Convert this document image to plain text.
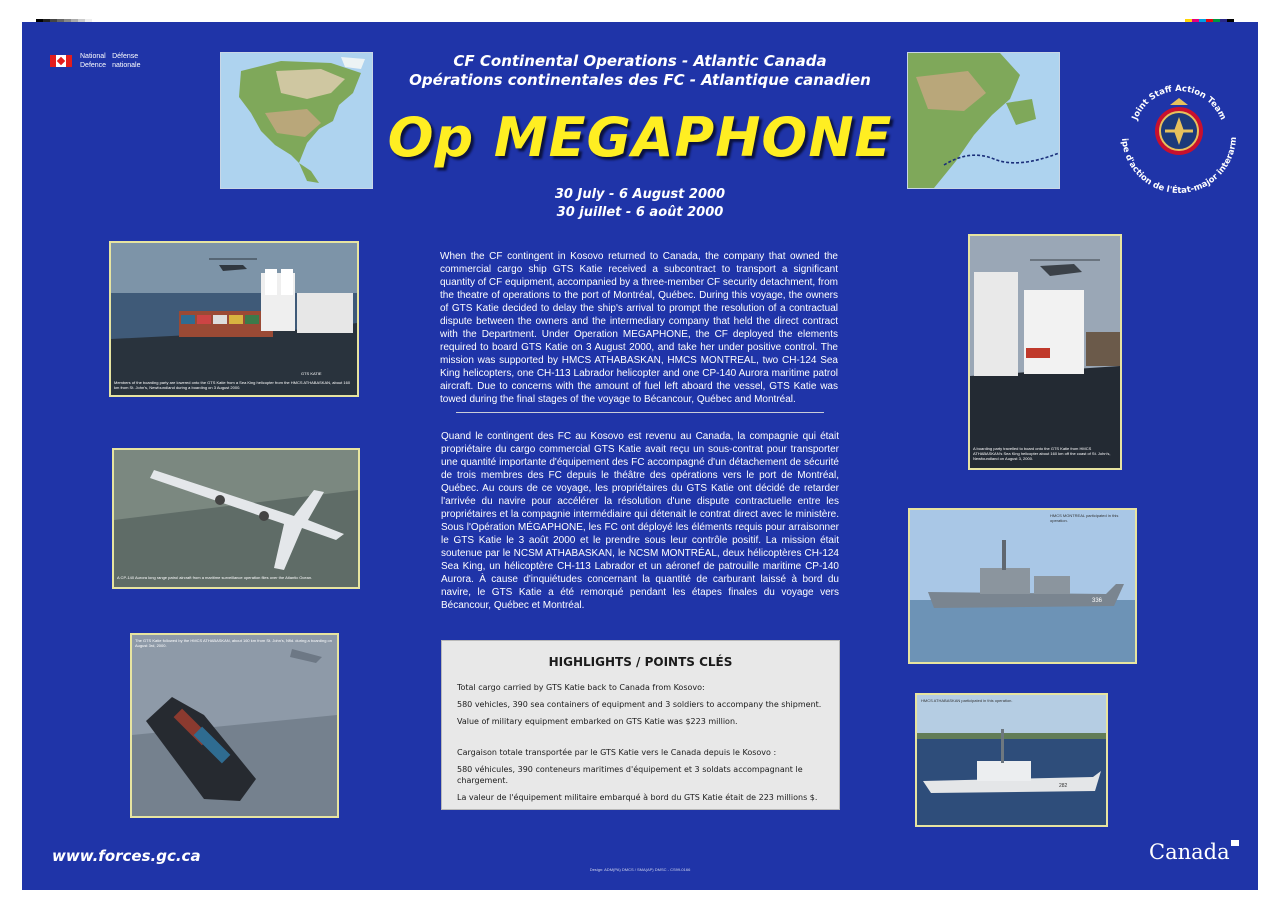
National Défense
Defence nationale	CF Continental Operations - Atlantic Canada
Opérations continentales des FC - Atlantique canadien
Op MEGAPHONE
30 July - 6 August 2000
30 juillet - 6 août 2000
Joint Staff Action Team
ipe d'action de l'État-major interarm
GTS KATIE
Members of the boarding party are lowered onto the GTS Katie from a Sea King helicopter from the HMCS ATHABASKAN, about 160 km from St. John's, Newfoundland during a boarding on 3 August 2000.
A CP-140 Aurora long range patrol aircraft from a maritime surveillance operation flies over the Atlantic Ocean.
The GTS Katie followed by the HMCS ATHABASKAN, about 160 km from St. John's, Nfld. during a boarding on August 3rd, 2000.
When the CF contingent in Kosovo returned to Canada, the company that owned the commercial cargo ship GTS Katie received a subcontract to transport a significant quantity of CF equipment, accompanied by a three-member CF security detachment, from the theatre of operations to the port of Montréal, Québec. During this voyage, the owners of GTS Katie decided to delay the ship's arrival to prompt the resolution of a contractual dispute between the owners and the intermediary company that held the direct contract with the Department. Under Operation MEGAPHONE, the CF deployed the elements required to board GTS Katie on 3 August 2000, and take her under positive control. The mission was supported by HMCS ATHABASKAN, HMCS MONTREAL, two CH-124 Sea King helicopters, one CH-113 Labrador helicopter and one CP-140 Aurora maritime patrol aircraft. Due to concerns with the amount of fuel left aboard the vessel, GTS Katie was towed during the final stages of the voyage to Bécancour, Québec and Montréal.
Quand le contingent des FC au Kosovo est revenu au Canada, la compagnie qui était propriétaire du cargo commercial GTS Katie avait reçu un sous-contrat pour transporter une quantité importante d'équipement des FC accompagné d'un détachement de sécurité de trois membres des FC depuis le théâtre des opérations vers le port de Montréal, Québec. Au cours de ce voyage, les propriétaires du GTS Katie ont décidé de retarder l'arrivée du navire pour accélérer la résolution d'une dispute contractuelle entre les propriétaires et la compagnie intermédiaire qui détenait le contrat direct avec le ministère. Sous l'Opération MÉGAPHONE, les FC ont déployé les éléments requis pour arraisonner le GTS Katie le 3 août 2000 et le prendre sous leur contrôle positif. La mission était soutenue par le NCSM ATHABASKAN, le NCSM MONTRÉAL, deux hélicoptères CH-124 Sea King, un hélicoptère CH-113 Labrador et un aéronef de patrouille maritime CP-140 Aurora. À cause d'inquiétudes concernant la quantité de carburant laissé à bord du navire, le GTS Katie a été remorqué pendant les étapes finales du voyage vers Bécancour, Québec et Montréal.
HIGHLIGHTS / POINTS CLÉS

Total cargo carried by GTS Katie back to Canada from Kosovo:

580 vehicles, 390 sea containers of equipment and 3 soldiers to accompany the shipment.

Value of military equipment embarked on GTS Katie was $223 million.

Cargaison totale transportée par le GTS Katie vers le Canada depuis le Kosovo :

580 véhicules, 390 conteneurs maritimes d'équipement et 3 soldats accompagnant le chargement.

La valeur de l'équipement militaire embarqué à bord du GTS Katie était de 223 millions $.

A boarding party travelled to board onto the GTS Katie from HMCS ATHABASKAN's Sea King helicopter about 160 km off the coast of St. John's, Newfoundland on August 3, 2000.
336
HMCS MONTREAL participated in this operation.
282
HMCS ATHABASKAN participated in this operation.
www.forces.gc.ca
Design: ADM(PA) DMCS / SMA(AP) DMSC - CS99-0166
Canada
